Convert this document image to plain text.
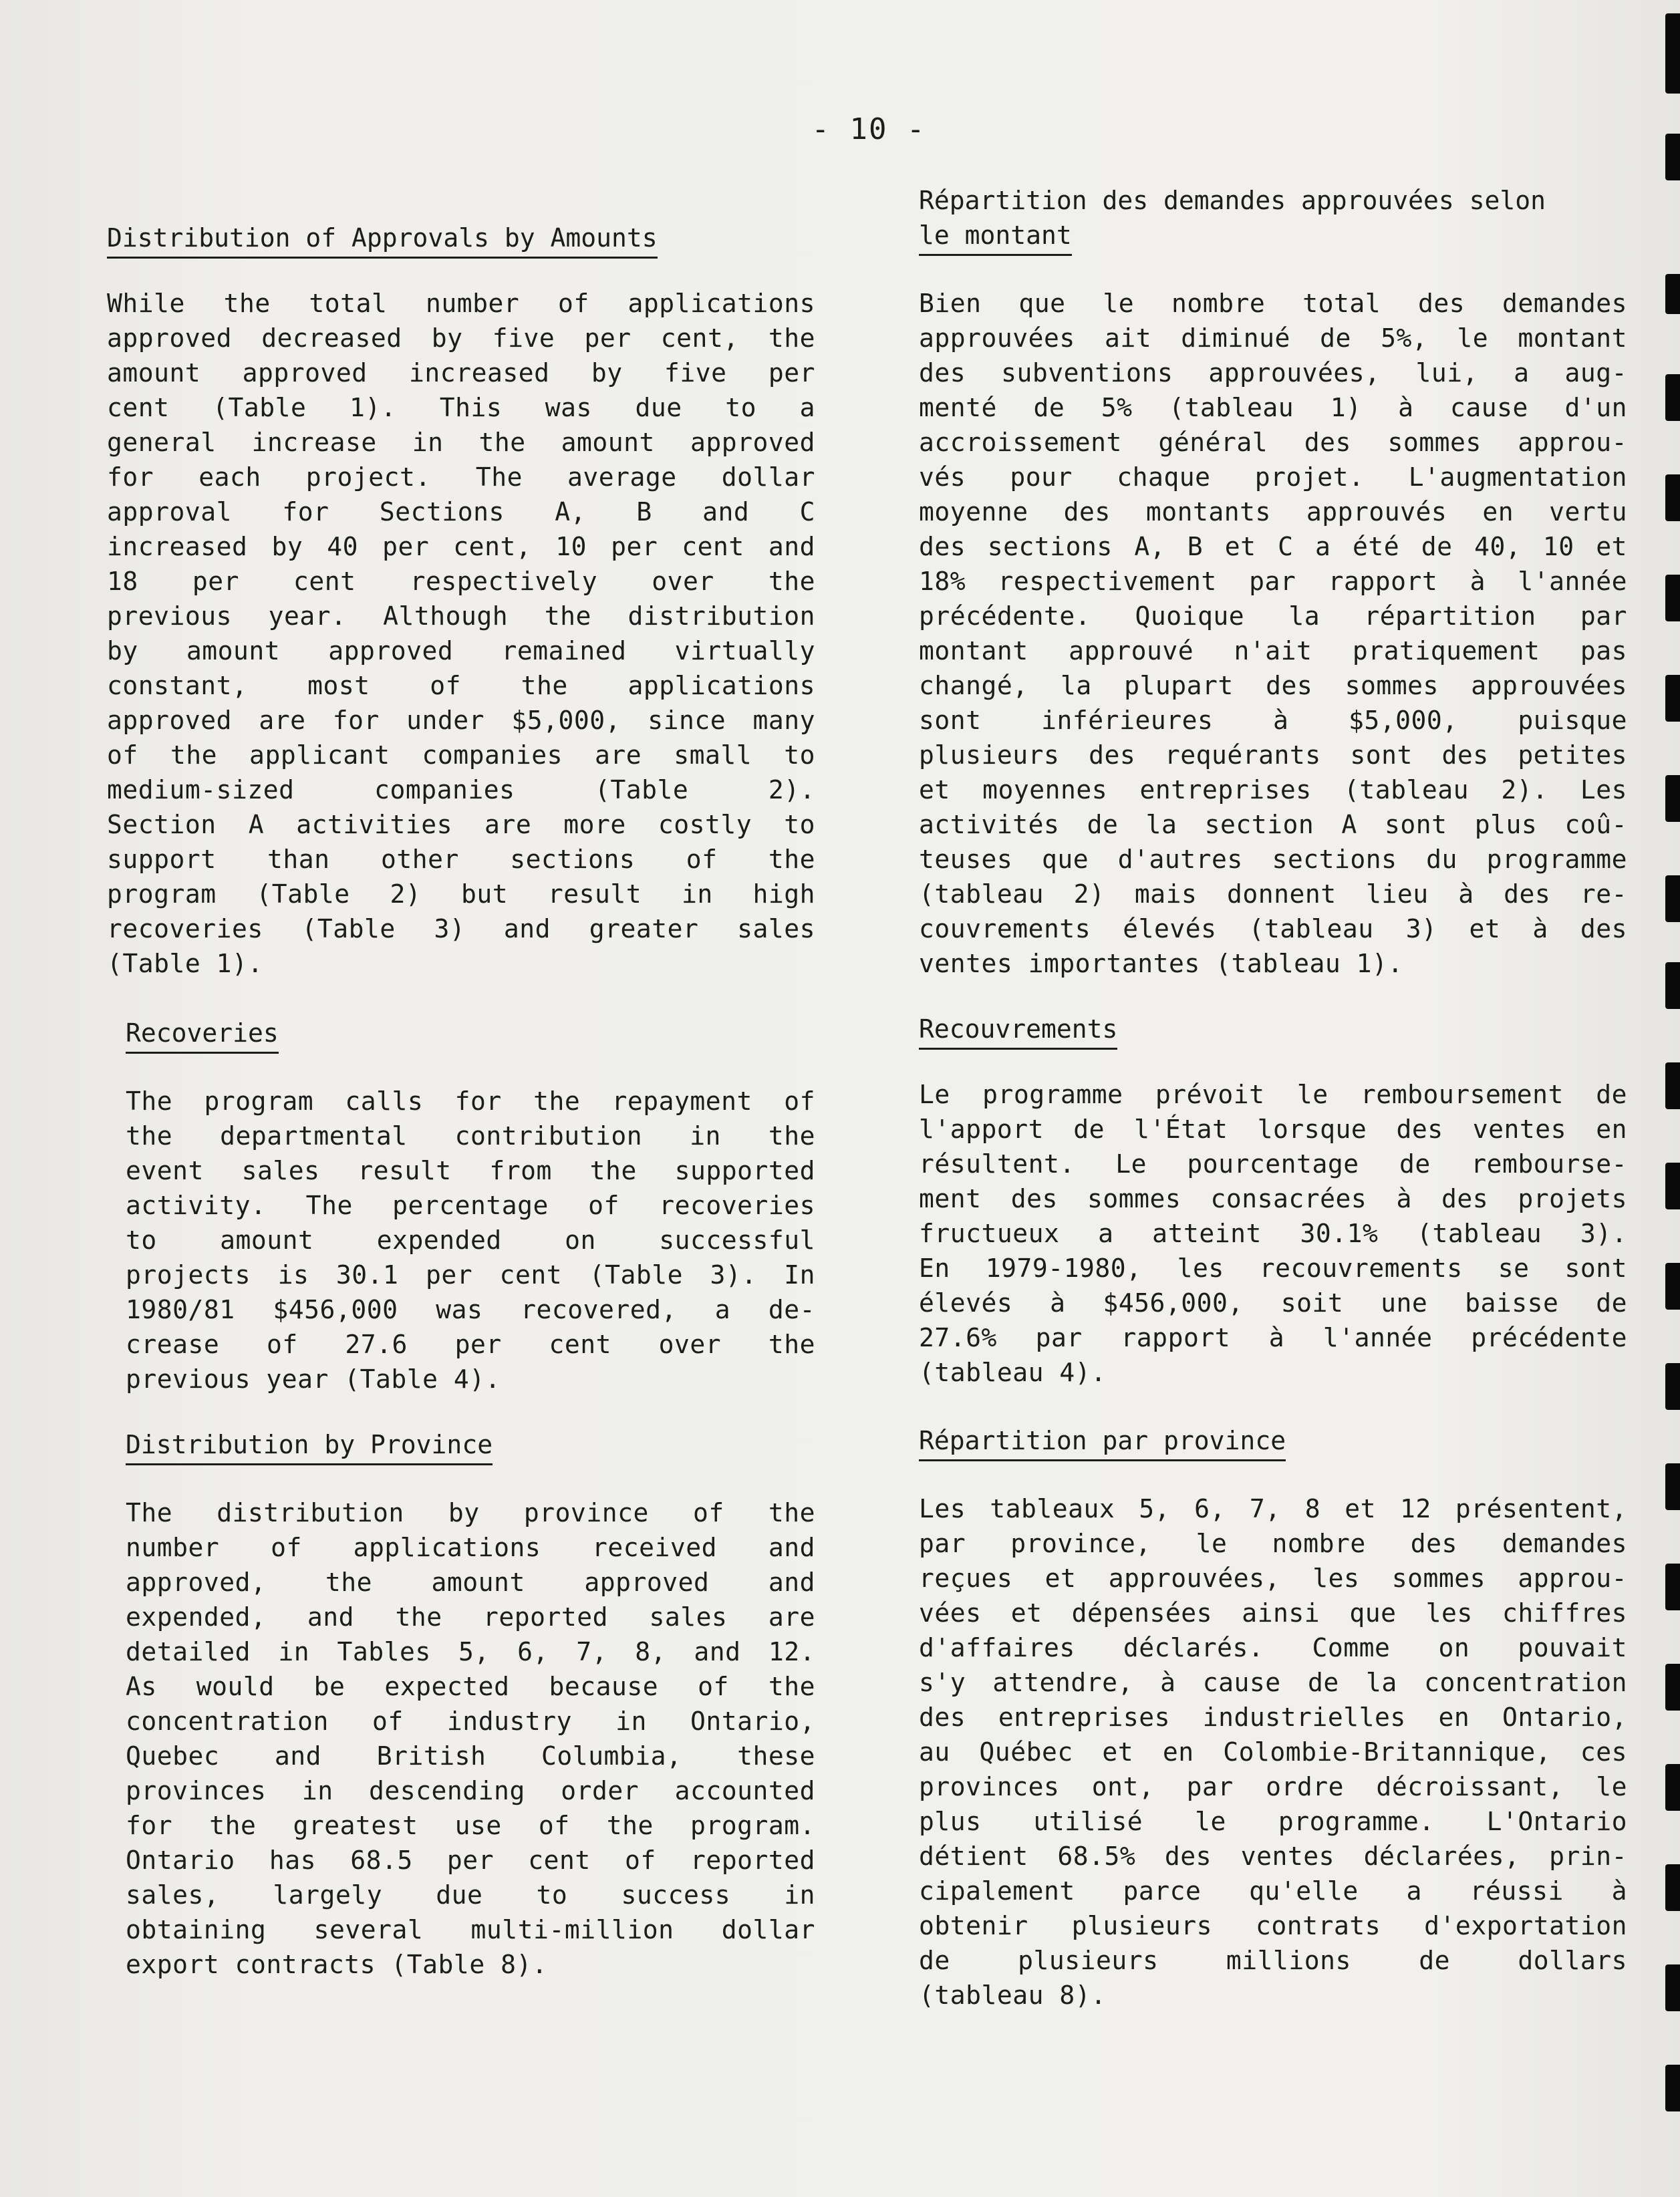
- 10 -
Distribution of Approvals by Amounts
While the total number of applications
approved decreased by five per cent, the
amount approved increased by five per
cent (Table 1). This was due to a
general increase in the amount approved
for each project. The average dollar
approval for Sections A, B and C
increased by 40 per cent, 10 per cent and
18 per cent respectively over the
previous year. Although the distribution
by amount approved remained virtually
constant, most of the applications
approved are for under $5,000, since many
of the applicant companies are small to
medium-sized companies (Table 2).
Section A activities are more costly to
support than other sections of the
program (Table 2) but result in high
recoveries (Table 3) and greater sales
(Table 1).
Recoveries
The program calls for the repayment of
the departmental contribution in the
event sales result from the supported
activity. The percentage of recoveries
to amount expended on successful
projects is 30.1 per cent (Table 3). In
1980/81 $456,000 was recovered, a de-
crease of 27.6 per cent over the
previous year (Table 4).
Distribution by Province
The distribution by province of the
number of applications received and
approved, the amount approved and
expended, and the reported sales are
detailed in Tables 5, 6, 7, 8, and 12.
As would be expected because of the
concentration of industry in Ontario,
Quebec and British Columbia, these
provinces in descending order accounted
for the greatest use of the program.
Ontario has 68.5 per cent of reported
sales, largely due to success in
obtaining several multi-million dollar
export contracts (Table 8).
Répartition des demandes approuvées selon
le montant
Bien que le nombre total des demandes
approuvées ait diminué de 5%, le montant
des subventions approuvées, lui, a aug-
menté de 5% (tableau 1) à cause d'un
accroissement général des sommes approu-
vés pour chaque projet. L'augmentation
moyenne des montants approuvés en vertu
des sections A, B et C a été de 40, 10 et
18% respectivement par rapport à l'année
précédente. Quoique la répartition par
montant approuvé n'ait pratiquement pas
changé, la plupart des sommes approuvées
sont inférieures à $5,000, puisque
plusieurs des requérants sont des petites
et moyennes entreprises (tableau 2). Les
activités de la section A sont plus coû-
teuses que d'autres sections du programme
(tableau 2) mais donnent lieu à des re-
couvrements élevés (tableau 3) et à des
ventes importantes (tableau 1).
Recouvrements
Le programme prévoit le remboursement de
l'apport de l'État lorsque des ventes en
résultent. Le pourcentage de rembourse-
ment des sommes consacrées à des projets
fructueux a atteint 30.1% (tableau 3).
En 1979-1980, les recouvrements se sont
élevés à $456,000, soit une baisse de
27.6% par rapport à l'année précédente
(tableau 4).
Répartition par province
Les tableaux 5, 6, 7, 8 et 12 présentent,
par province, le nombre des demandes
reçues et approuvées, les sommes approu-
vées et dépensées ainsi que les chiffres
d'affaires déclarés. Comme on pouvait
s'y attendre, à cause de la concentration
des entreprises industrielles en Ontario,
au Québec et en Colombie-Britannique, ces
provinces ont, par ordre décroissant, le
plus utilisé le programme. L'Ontario
détient 68.5% des ventes déclarées, prin-
cipalement parce qu'elle a réussi à
obtenir plusieurs contrats d'exportation
de plusieurs millions de dollars
(tableau 8).
